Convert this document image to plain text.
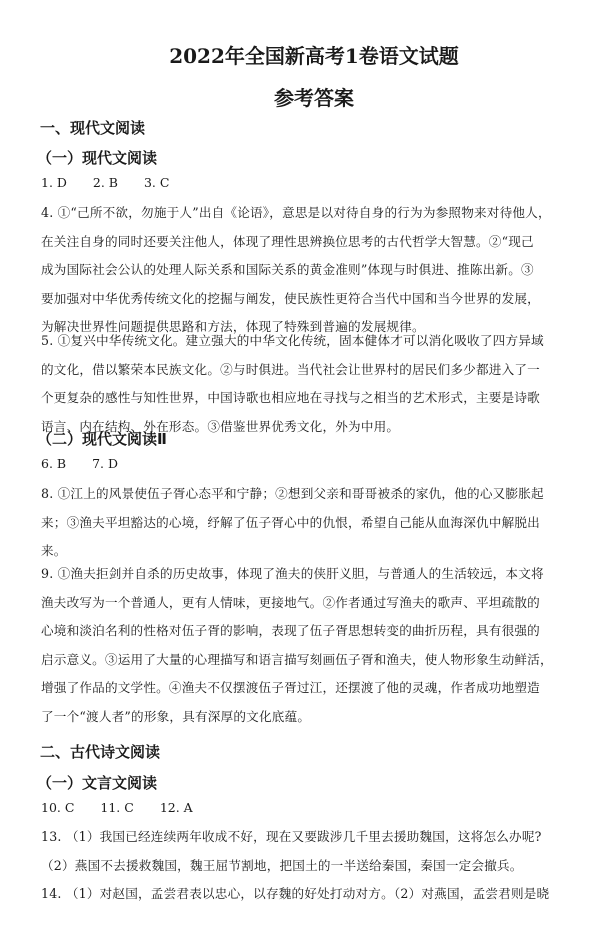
2022年全国新高考1卷语文试题
参考答案
一、现代文阅读
（一）现代文阅读
1. D 2. B 3. C
4. ①“己所不欲，勿施于人”出自《论语》，意思是以对待自身的行为为参照物来对待他人，
在关注自身的同时还要关注他人，体现了理性思辨换位思考的古代哲学大智慧。②“现己
成为国际社会公认的处理人际关系和国际关系的黄金准则”体现与时俱进、推陈出新。③
要加强对中华优秀传统文化的挖掘与阐发，使民族性更符合当代中国和当今世界的发展，
为解决世界性问题提供思路和方法，体现了特殊到普遍的发展规律。
5. ①复兴中华传统文化。建立强大的中华文化传统，固本健体才可以消化吸收了四方异域
的文化，借以繁荣本民族文化。②与时俱进。当代社会让世界村的居民们多少都进入了一
个更复杂的感性与知性世界，中国诗歌也相应地在寻找与之相当的艺术形式，主要是诗歌
语言、内在结构、外在形态。③借鉴世界优秀文化，外为中用。
（二）现代文阅读Ⅱ
6. B 7. D
8. ①江上的风景使伍子胥心态平和宁静；②想到父亲和哥哥被杀的家仇，他的心又膨胀起
来；③渔夫平坦豁达的心境，纾解了伍子胥心中的仇恨，希望自己能从血海深仇中解脱出
来。
9. ①渔夫拒剑并自杀的历史故事，体现了渔夫的侠肝义胆，与普通人的生活较远，本文将
渔夫改写为一个普通人，更有人情味，更接地气。②作者通过写渔夫的歌声、平坦疏散的
心境和淡泊名利的性格对伍子胥的影响，表现了伍子胥思想转变的曲折历程，具有很强的
启示意义。③运用了大量的心理描写和语言描写刻画伍子胥和渔夫，使人物形象生动鲜活，
增强了作品的文学性。④渔夫不仅摆渡伍子胥过江，还摆渡了他的灵魂，作者成功地塑造
了一个“渡人者”的形象，具有深厚的文化底蕴。
二、古代诗文阅读
（一）文言文阅读
10. C 11. C 12. A
13. （1）我国已经连续两年收成不好，现在又要跋涉几千里去援助魏国，这将怎么办呢?
（2）燕国不去援救魏国，魏王屈节割地，把国土的一半送给秦国，秦国一定会撤兵。
14. （1）对赵国，孟尝君表以忠心，以存魏的好处打动对方。（2）对燕国，孟尝君则是晓
